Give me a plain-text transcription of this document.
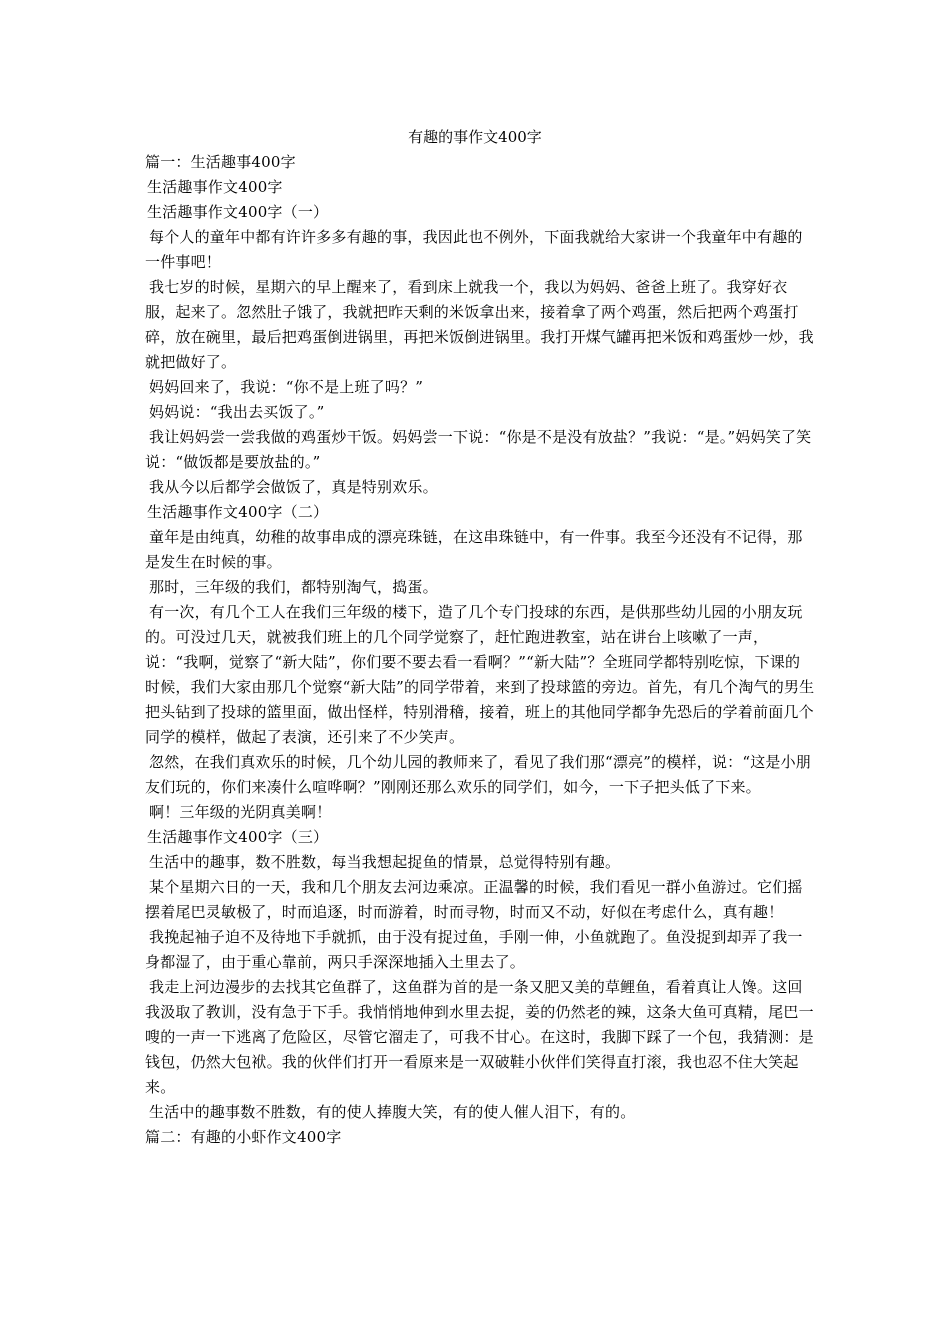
有趣的事作文400字

篇一：生活趣事400字

生活趣事作文400字

生活趣事作文400字（一）

每个人的童年中都有许许多多有趣的事，我因此也不例外，下面我就给大家讲一个我童年中有趣的一件事吧！

我七岁的时候，星期六的早上醒来了，看到床上就我一个，我以为妈妈、爸爸上班了。我穿好衣服，起来了。忽然肚子饿了，我就把昨天剩的米饭拿出来，接着拿了两个鸡蛋，然后把两个鸡蛋打碎，放在碗里，最后把鸡蛋倒进锅里，再把米饭倒进锅里。我打开煤气罐再把米饭和鸡蛋炒一炒，我就把做好了。

妈妈回来了，我说：“你不是上班了吗？”

妈妈说：“我出去买饭了。”

我让妈妈尝一尝我做的鸡蛋炒干饭。妈妈尝一下说：“你是不是没有放盐？”我说：“是。”妈妈笑了笑说：“做饭都是要放盐的。”

我从今以后都学会做饭了，真是特别欢乐。

生活趣事作文400字（二）

童年是由纯真，幼稚的故事串成的漂亮珠链，在这串珠链中，有一件事。我至今还没有不记得，那是发生在时候的事。

那时，三年级的我们，都特别淘气，捣蛋。

有一次，有几个工人在我们三年级的楼下，造了几个专门投球的东西，是供那些幼儿园的小朋友玩的。可没过几天，就被我们班上的几个同学觉察了，赶忙跑进教室，站在讲台上咳嗽了一声，说：“我啊，觉察了“新大陆”，你们要不要去看一看啊？”“新大陆”？全班同学都特别吃惊，下课的时候，我们大家由那几个觉察“新大陆”的同学带着，来到了投球篮的旁边。首先，有几个淘气的男生把头钻到了投球的篮里面，做出怪样，特别滑稽，接着，班上的其他同学都争先恐后的学着前面几个同学的模样，做起了表演，还引来了不少笑声。

忽然，在我们真欢乐的时候，几个幼儿园的教师来了，看见了我们那“漂亮”的模样，说：“这是小朋友们玩的，你们来凑什么喧哗啊？”刚刚还那么欢乐的同学们，如今，一下子把头低了下来。

啊！三年级的光阴真美啊！

生活趣事作文400字（三）

生活中的趣事，数不胜数，每当我想起捉鱼的情景，总觉得特别有趣。

某个星期六日的一天，我和几个朋友去河边乘凉。正温馨的时候，我们看见一群小鱼游过。它们摇摆着尾巴灵敏极了，时而追逐，时而游着，时而寻物，时而又不动，好似在考虑什么，真有趣！

我挽起袖子迫不及待地下手就抓，由于没有捉过鱼，手刚一伸，小鱼就跑了。鱼没捉到却弄了我一身都湿了，由于重心靠前，两只手深深地插入土里去了。

我走上河边漫步的去找其它鱼群了，这鱼群为首的是一条又肥又美的草鲤鱼，看着真让人馋。这回我汲取了教训，没有急于下手。我悄悄地伸到水里去捉，姜的仍然老的辣，这条大鱼可真精，尾巴一嗖的一声一下逃离了危险区，尽管它溜走了，可我不甘心。在这时，我脚下踩了一个包，我猜测：是钱包，仍然大包袱。我的伙伴们打开一看原来是一双破鞋小伙伴们笑得直打滚，我也忍不住大笑起来。

生活中的趣事数不胜数，有的使人捧腹大笑，有的使人催人泪下，有的。

篇二：有趣的小虾作文400字
